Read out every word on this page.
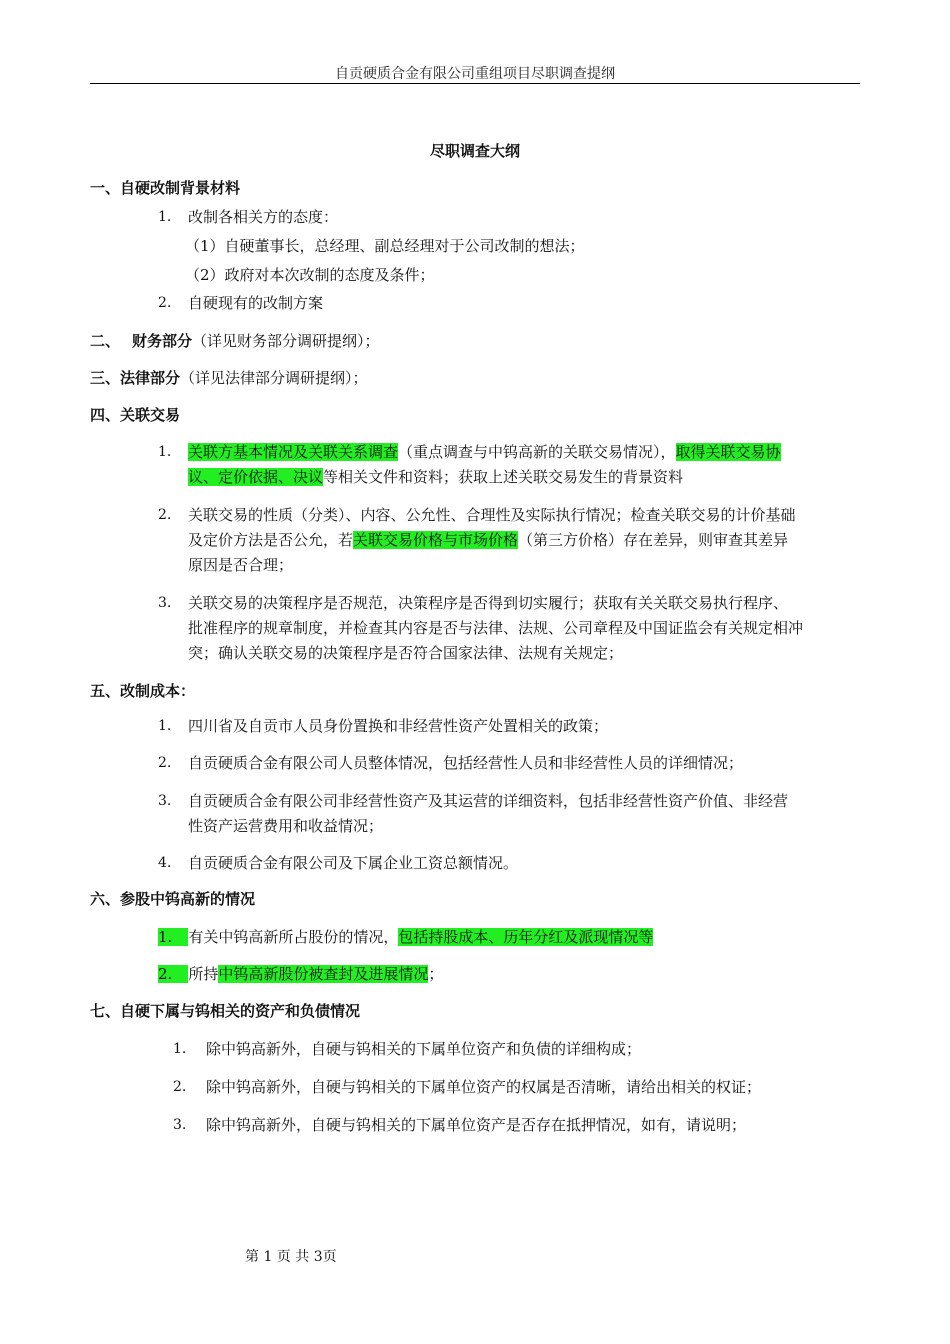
自贡硬质合金有限公司重组项目尽职调查提纲
尽职调查大纲
一、自硬改制背景材料
1. 改制各相关方的态度：
（1）自硬董事长，总经理、副总经理对于公司改制的想法；
（2）政府对本次改制的态度及条件；
2. 自硬现有的改制方案
二、 财务部分（详见财务部分调研提纲）；
三、法律部分（详见法律部分调研提纲）；
四、关联交易
1. 关联方基本情况及关联关系调查（重点调查与中钨高新的关联交易情况），取得关联交易协
议、定价依据、决议等相关文件和资料；获取上述关联交易发生的背景资料
2. 关联交易的性质（分类）、内容、公允性、合理性及实际执行情况；检查关联交易的计价基础
及定价方法是否公允，若关联交易价格与市场价格（第三方价格）存在差异，则审查其差异
原因是否合理；
3. 关联交易的决策程序是否规范，决策程序是否得到切实履行；获取有关关联交易执行程序、
批准程序的规章制度，并检查其内容是否与法律、法规、公司章程及中国证监会有关规定相冲
突；确认关联交易的决策程序是否符合国家法律、法规有关规定；
五、改制成本：
1. 四川省及自贡市人员身份置换和非经营性资产处置相关的政策；
2. 自贡硬质合金有限公司人员整体情况，包括经营性人员和非经营性人员的详细情况；
3. 自贡硬质合金有限公司非经营性资产及其运营的详细资料，包括非经营性资产价值、非经营
性资产运营费用和收益情况；
4. 自贡硬质合金有限公司及下属企业工资总额情况。
六、参股中钨高新的情况
1. 有关中钨高新所占股份的情况，包括持股成本、历年分红及派现情况等
2. 所持中钨高新股份被查封及进展情况；
七、自硬下属与钨相关的资产和负债情况
1. 除中钨高新外，自硬与钨相关的下属单位资产和负债的详细构成；
2. 除中钨高新外，自硬与钨相关的下属单位资产的权属是否清晰，请给出相关的权证；
3. 除中钨高新外，自硬与钨相关的下属单位资产是否存在抵押情况，如有，请说明；
第 1 页 共 3页
